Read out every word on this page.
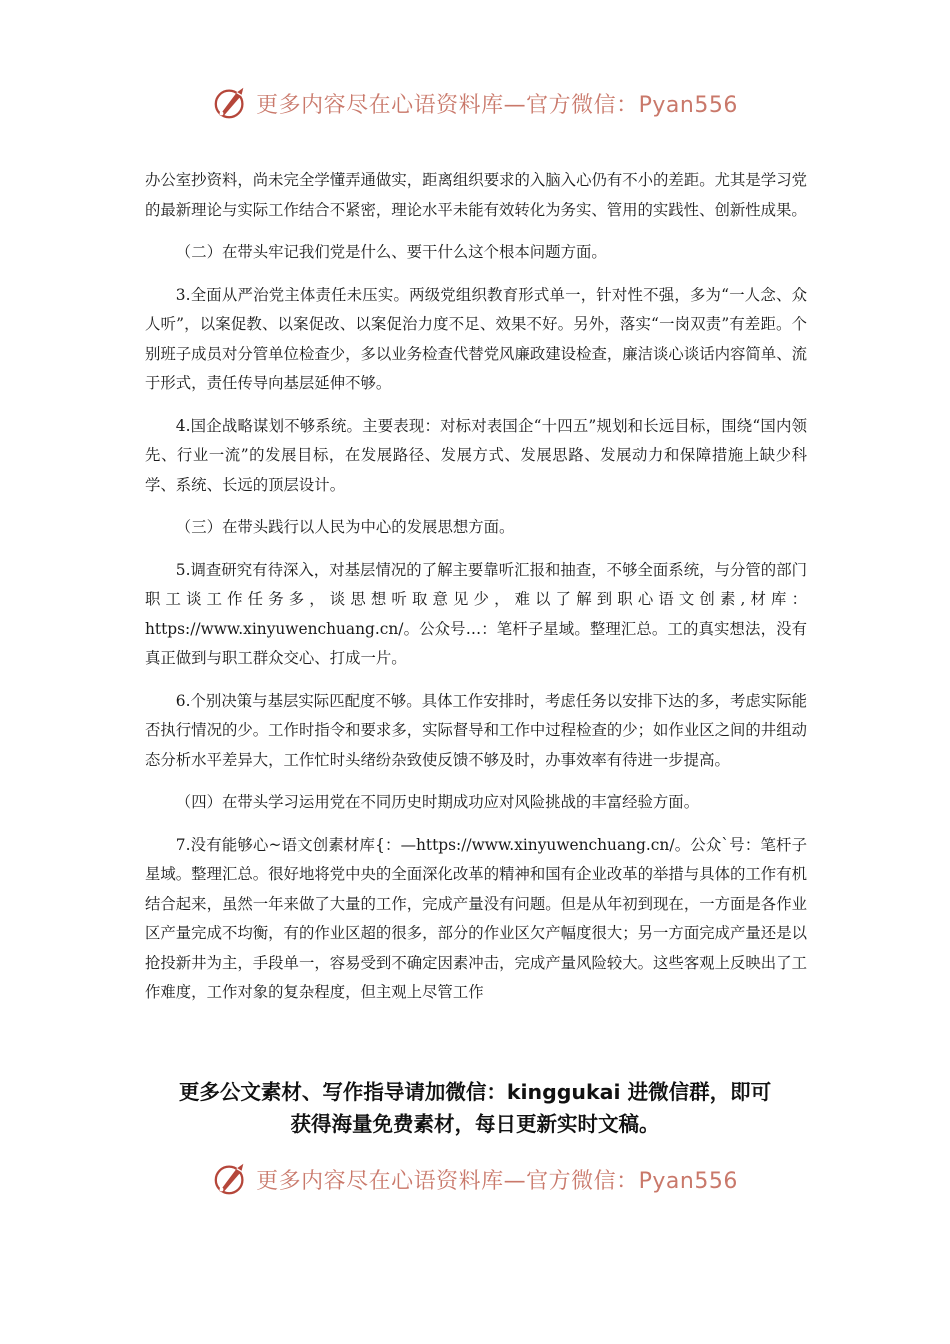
更多内容尽在心语资料库—官方微信：Pyan556

办公室抄资料，尚未完全学懂弄通做实，距离组织要求的入脑入心仍有不小的差距。尤其是学习党的最新理论与实际工作结合不紧密，理论水平未能有效转化为务实、管用的实践性、创新性成果。

（二）在带头牢记我们党是什么、要干什么这个根本问题方面。

3.全面从严治党主体责任未压实。两级党组织教育形式单一，针对性不强，多为“一人念、众人听”，以案促教、以案促改、以案促治力度不足、效果不好。另外，落实“一岗双责”有差距。个别班子成员对分管单位检查少，多以业务检查代替党风廉政建设检查，廉洁谈心谈话内容简单、流于形式，责任传导向基层延伸不够。

4.国企战略谋划不够系统。主要表现：对标对表国企“十四五”规划和长远目标，围绕“国内领先、行业一流”的发展目标，在发展路径、发展方式、发展思路、发展动力和保障措施上缺少科学、系统、长远的顶层设计。

（三）在带头践行以人民为中心的发展思想方面。

5.调查研究有待深入，对基层情况的了解主要靠听汇报和抽查，不够全面系统，与分管的部门职工谈工作任务多，谈思想听取意见少，难以了解到职心语文创素,材库：https://www.xinyuwenchuang.cn/。公众号…：笔杆子星域。整理汇总。工的真实想法，没有真正做到与职工群众交心、打成一片。

6.个别决策与基层实际匹配度不够。具体工作安排时，考虑任务以安排下达的多，考虑实际能否执行情况的少。工作时指令和要求多，实际督导和工作中过程检查的少；如作业区之间的井组动态分析水平差异大，工作忙时头绪纷杂致使反馈不够及时，办事效率有待进一步提高。

（四）在带头学习运用党在不同历史时期成功应对风险挑战的丰富经验方面。

7.没有能够心~语文创素材库{：—https://www.xinyuwenchuang.cn/。公众`号：笔杆子星域。整理汇总。很好地将党中央的全面深化改革的精神和国有企业改革的举措与具体的工作有机结合起来，虽然一年来做了大量的工作，完成产量没有问题。但是从年初到现在，一方面是各作业区产量完成不均衡，有的作业区超的很多，部分的作业区欠产幅度很大；另一方面完成产量还是以抢投新井为主，手段单一，容易受到不确定因素冲击，完成产量风险较大。这些客观上反映出了工作难度，工作对象的复杂程度，但主观上尽管工作

更多公文素材、写作指导请加微信：kinggukai 进微信群，即可
获得海量免费素材，每日更新实时文稿。
更多内容尽在心语资料库—官方微信：Pyan556
